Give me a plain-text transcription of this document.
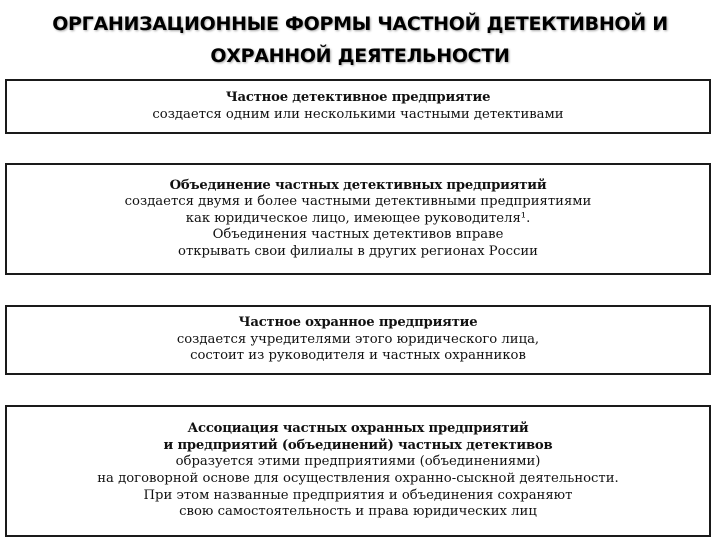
ОРГАНИЗАЦИОННЫЕ ФОРМЫ ЧАСТНОЙ ДЕТЕКТИВНОЙ И
ОХРАННОЙ ДЕЯТЕЛЬНОСТИ
Частное детективное предприятие
создается одним или несколькими частными детективами
Объединение частных детективных предприятий
создается двумя и более частными детективными предприятиями
как юридическое лицо, имеющее руководителя¹.
Объединения частных детективов вправе
открывать свои филиалы в других регионах России
Частное охранное предприятие
создается учредителями этого юридического лица,
состоит из руководителя и частных охранников
Ассоциация частных охранных предприятий
и предприятий (объединений) частных детективов
образуется этими предприятиями (объединениями)
на договорной основе для осуществления охранно-сыскной деятельности.
При этом названные предприятия и объединения сохраняют
свою самостоятельность и права юридических лиц
